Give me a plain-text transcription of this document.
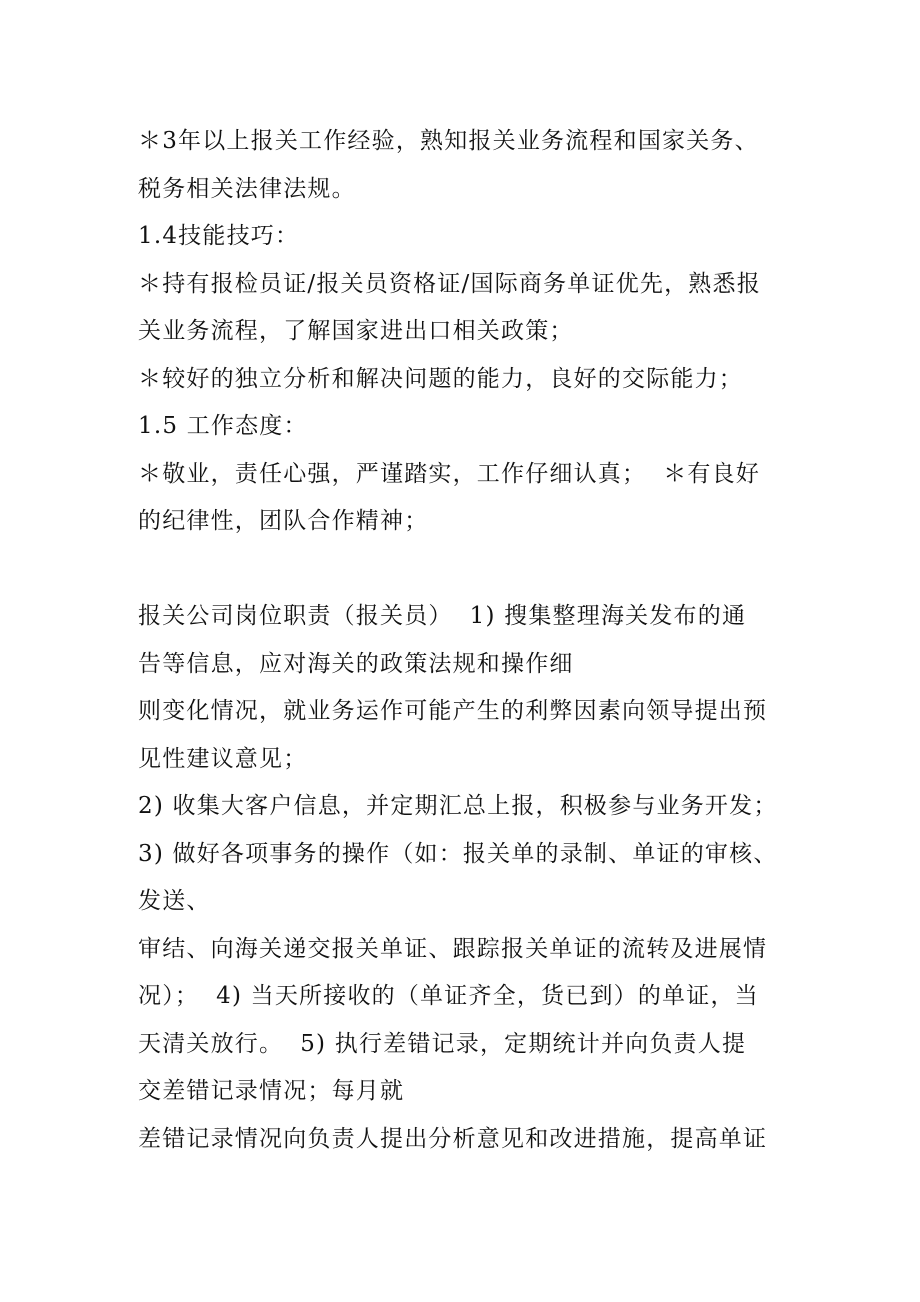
＊3年以上报关工作经验，熟知报关业务流程和国家关务、
税务相关法律法规。
1.4技能技巧：
＊持有报检员证/报关员资格证/国际商务单证优先，熟悉报
关业务流程，了解国家进出口相关政策；
＊较好的独立分析和解决问题的能力，良好的交际能力；
1.5 工作态度：
＊敬业，责任心强，严谨踏实，工作仔细认真；  ＊有良好
的纪律性，团队合作精神；
报关公司岗位职责（报关员）  1) 搜集整理海关发布的通
告等信息，应对海关的政策法规和操作细
则变化情况，就业务运作可能产生的利弊因素向领导提出预
见性建议意见；
2) 收集大客户信息，并定期汇总上报，积极参与业务开发；
3) 做好各项事务的操作（如：报关单的录制、单证的审核、
发送、
审结、向海关递交报关单证、跟踪报关单证的流转及进展情
况）；  4) 当天所接收的（单证齐全，货已到）的单证，当
天清关放行。  5) 执行差错记录，定期统计并向负责人提
交差错记录情况；每月就
差错记录情况向负责人提出分析意见和改进措施，提高单证
